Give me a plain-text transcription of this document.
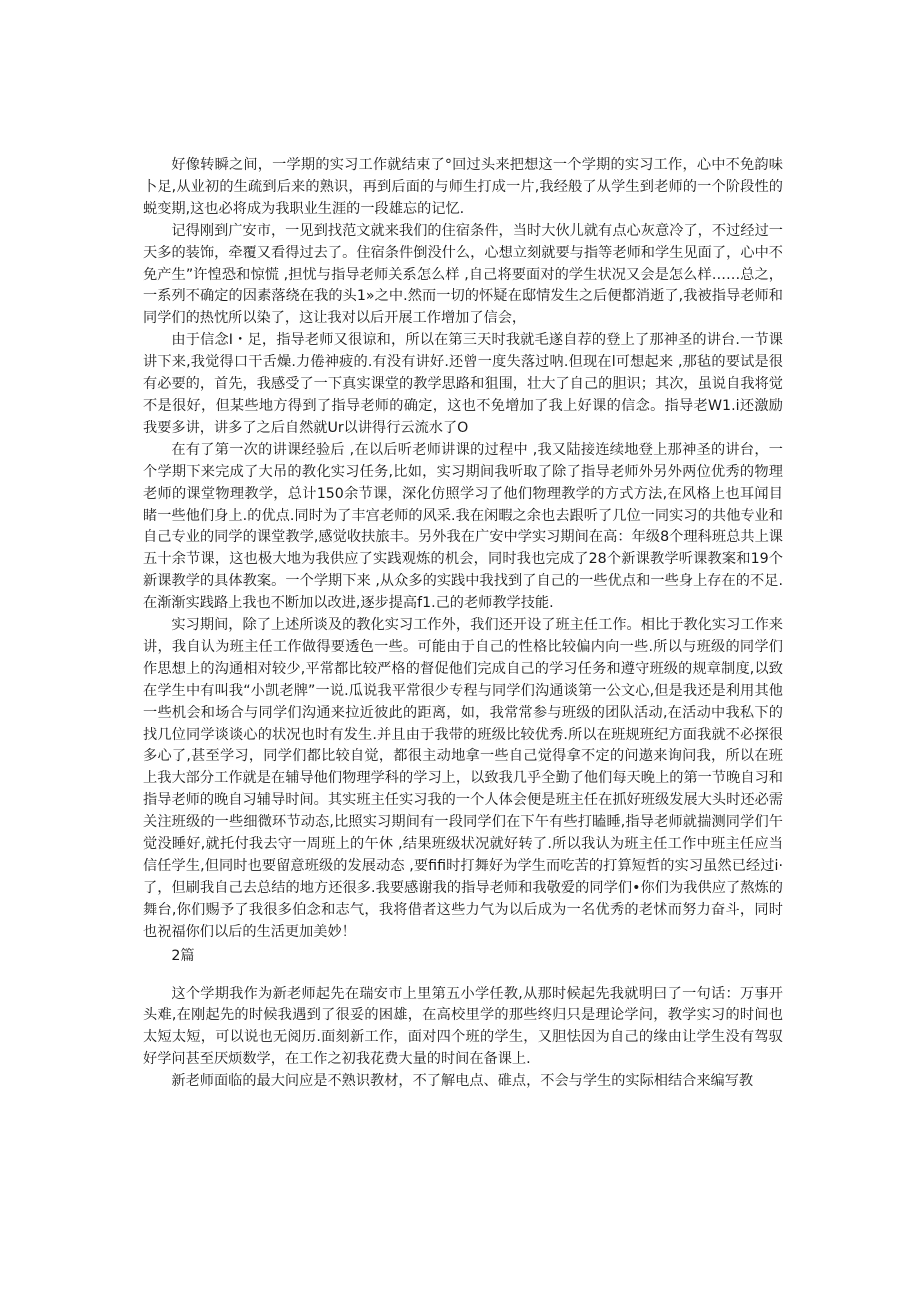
好像转瞬之间，一学期的实习工作就结束了°回过头来把想这一个学期的实习工作，心中不免韵味卜足,从业初的生疏到后来的熟识，再到后面的与师生打成一片,我经般了从学生到老师的一个阶段性的蜕变期,这也必将成为我职业生涯的一段雄忘的记忆.

记得刚到广安市，一见到找范文就来我们的住宿条件，当时大伙儿就有点心灰意冷了，不过经过一天多的装饰，牵覆又看得过去了。住宿条件倒没什么，心想立刻就要与指等老师和学生见面了，心中不免产生”许惶恐和惊慌 ,担忧与指导老师关系怎么样 ,自己将要面对的学生状况又会是怎么样……总之，一系列不确定的因素落绕在我的头1»之中.然而一切的怀疑在邸情发生之后便都消逝了,我被指导老师和同学们的热忱所以染了，这让我对以后开展工作增加了信会，

由于信念I・足，指导老师又很谅和，所以在第三天时我就毛遂自荐的登上了那神圣的讲台.一节课讲下来,我觉得口干舌燥.力倦神疲的.有没有讲好.还曾一度失落过呐.但现在l可想起来 ,那毡的要试是很有必要的，首先，我感受了一下真实课堂的教学思路和狙围，壮大了自己的胆识；其次，虽说自我将觉不是很好，但某些地方得到了指导老师的确定，这也不免增加了我上好课的信念。指导老W1.i还激励我要多讲，讲多了之后自然就Ur以讲得行云流水了O

在有了第一次的讲课经验后 ,在以后听老师讲课的过程中 ,我又陆接连续地登上那神圣的讲台，一个学期下来完成了大吊的教化实习任务,比如，实习期间我听取了除了指导老师外另外两位优秀的物理老师的课堂物理教学，总计150余节课，深化仿照学习了他们物理教学的方式方法,在风格上也耳闻目睹一些他们身上.的优点.同时为了丰宫老师的风采.我在闲暇之余也去跟听了几位一同实习的共他专业和自己专业的同学的课堂教学,感觉收扶旅丰。另外我在广安中学实习期间在高：年级8个理科班总共上课五十余节课，这也极大地为我供应了实践观炼的机会，同时我也完成了28个新课教学听课教案和19个新课教学的具体教案。一个学期下来 ,从众多的实践中我找到了自己的一些优点和一些身上存在的不足.在渐渐实践路上我也不断加以改进,逐步提高f1.己的老师教学技能.

实习期间，除了上述所谈及的教化实习工作外，我们还开设了班主任工作。相比于教化实习工作来讲，我自认为班主任工作做得要透色一些。可能由于自己的性格比较偏内向一些.所以与班级的同学们作思想上的沟通相对较少,平常都比较严格的督促他们完成自己的学习任务和遵守班级的规章制度,以致在学生中有叫我“小凯老牌”一说.瓜说我平常很少专程与同学们沟通谈第一公文心,但是我还是利用其他一些机会和场合与同学们沟通来拉近彼此的距离，如，我常常参与班级的团队活动,在活动中我私下的找几位同学谈谈心的状况也时有发生.并且由于我带的班级比较优秀.所以在班规班纪方面我就不必探很多心了,甚至学习，同学们都比较自觉，都很主动地拿一些自己觉得拿不定的问遨来询问我，所以在班上我大部分工作就是在辅导他们物理学科的学习上，以致我几乎全勤了他们每天晚上的第一节晚自习和指导老师的晚自习辅导时间。其实班主任实习我的一个人体会便是班主任在抓好班级发展大头时还必需关注班级的一些细微环节动态,比照实习期间有一段同学们在下午有些打瞌睡,指导老师就揣测同学们午觉没睡好,就托付我去守一周班上的午休 ,结果班级状况就好转了.所以我认为班主任工作中班主任应当信任学生,但同时也要留意班级的发展动态 ,要fifi时打舞好为学生而吃苦的打算短哲的实习虽然已经过i·了，但刷我自己去总结的地方还很多.我要感谢我的指导老师和我敬爱的同学们•你们为我供应了熬炼的舞台,你们赐予了我很多伯念和志气，我将借者这些力气为以后成为一名优秀的老怵而努力奋斗，同时也祝福你们以后的生活更加美妙！

2篇

这个学期我作为新老师起先在瑞安市上里第五小学任教,从那时候起先我就明曰了一句话：万事开头难,在刚起先的时候我遇到了很妥的困雄，在高校里学的那些终归只是理论学问，教学实习的时间也太短太短，可以说也无阅历.面刻新工作，面对四个班的学生，又胆怯因为自己的缘由让学生没有驾驭好学问甚至厌烦数学，在工作之初我花费大量的时间在备课上.

新老师面临的最大问应是不熟识教材，不了解电点、碓点，不会与学生的实际相结合来编写教
